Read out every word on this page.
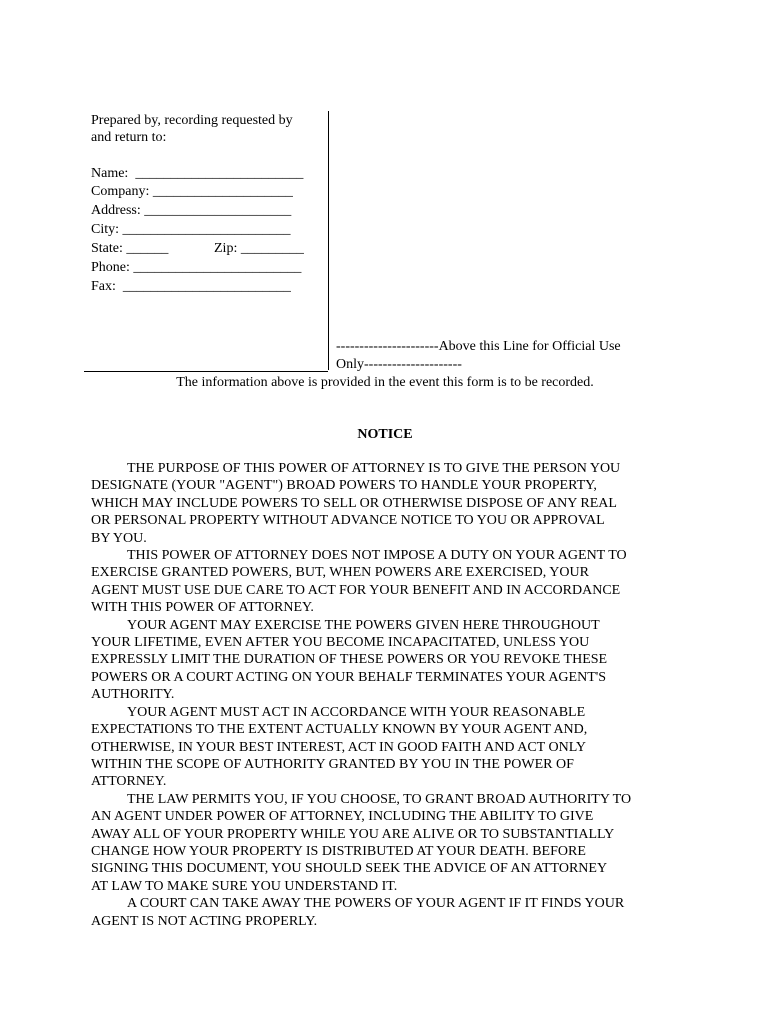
Prepared by, recording requested by
and return to:
Name: ________________________
Company: ____________________
Address: _____________________
City: ________________________
State: ______	Zip: _________
Phone: ________________________
Fax: ________________________
----------------------Above this Line for Official Use
Only---------------------
The information above is provided in the event this form is to be recorded.
NOTICE
THE PURPOSE OF THIS POWER OF ATTORNEY IS TO GIVE THE PERSON YOU
DESIGNATE (YOUR "AGENT") BROAD POWERS TO HANDLE YOUR PROPERTY,
WHICH MAY INCLUDE POWERS TO SELL OR OTHERWISE DISPOSE OF ANY REAL
OR PERSONAL PROPERTY WITHOUT ADVANCE NOTICE TO YOU OR APPROVAL
BY YOU.
THIS POWER OF ATTORNEY DOES NOT IMPOSE A DUTY ON YOUR AGENT TO
EXERCISE GRANTED POWERS, BUT, WHEN POWERS ARE EXERCISED, YOUR
AGENT MUST USE DUE CARE TO ACT FOR YOUR BENEFIT AND IN ACCORDANCE
WITH THIS POWER OF ATTORNEY.
YOUR AGENT MAY EXERCISE THE POWERS GIVEN HERE THROUGHOUT
YOUR LIFETIME, EVEN AFTER YOU BECOME INCAPACITATED, UNLESS YOU
EXPRESSLY LIMIT THE DURATION OF THESE POWERS OR YOU REVOKE THESE
POWERS OR A COURT ACTING ON YOUR BEHALF TERMINATES YOUR AGENT'S
AUTHORITY.
YOUR AGENT MUST ACT IN ACCORDANCE WITH YOUR REASONABLE
EXPECTATIONS TO THE EXTENT ACTUALLY KNOWN BY YOUR AGENT AND,
OTHERWISE, IN YOUR BEST INTEREST, ACT IN GOOD FAITH AND ACT ONLY
WITHIN THE SCOPE OF AUTHORITY GRANTED BY YOU IN THE POWER OF
ATTORNEY.
THE LAW PERMITS YOU, IF YOU CHOOSE, TO GRANT BROAD AUTHORITY TO
AN AGENT UNDER POWER OF ATTORNEY, INCLUDING THE ABILITY TO GIVE
AWAY ALL OF YOUR PROPERTY WHILE YOU ARE ALIVE OR TO SUBSTANTIALLY
CHANGE HOW YOUR PROPERTY IS DISTRIBUTED AT YOUR DEATH. BEFORE
SIGNING THIS DOCUMENT, YOU SHOULD SEEK THE ADVICE OF AN ATTORNEY
AT LAW TO MAKE SURE YOU UNDERSTAND IT.
A COURT CAN TAKE AWAY THE POWERS OF YOUR AGENT IF IT FINDS YOUR
AGENT IS NOT ACTING PROPERLY.
